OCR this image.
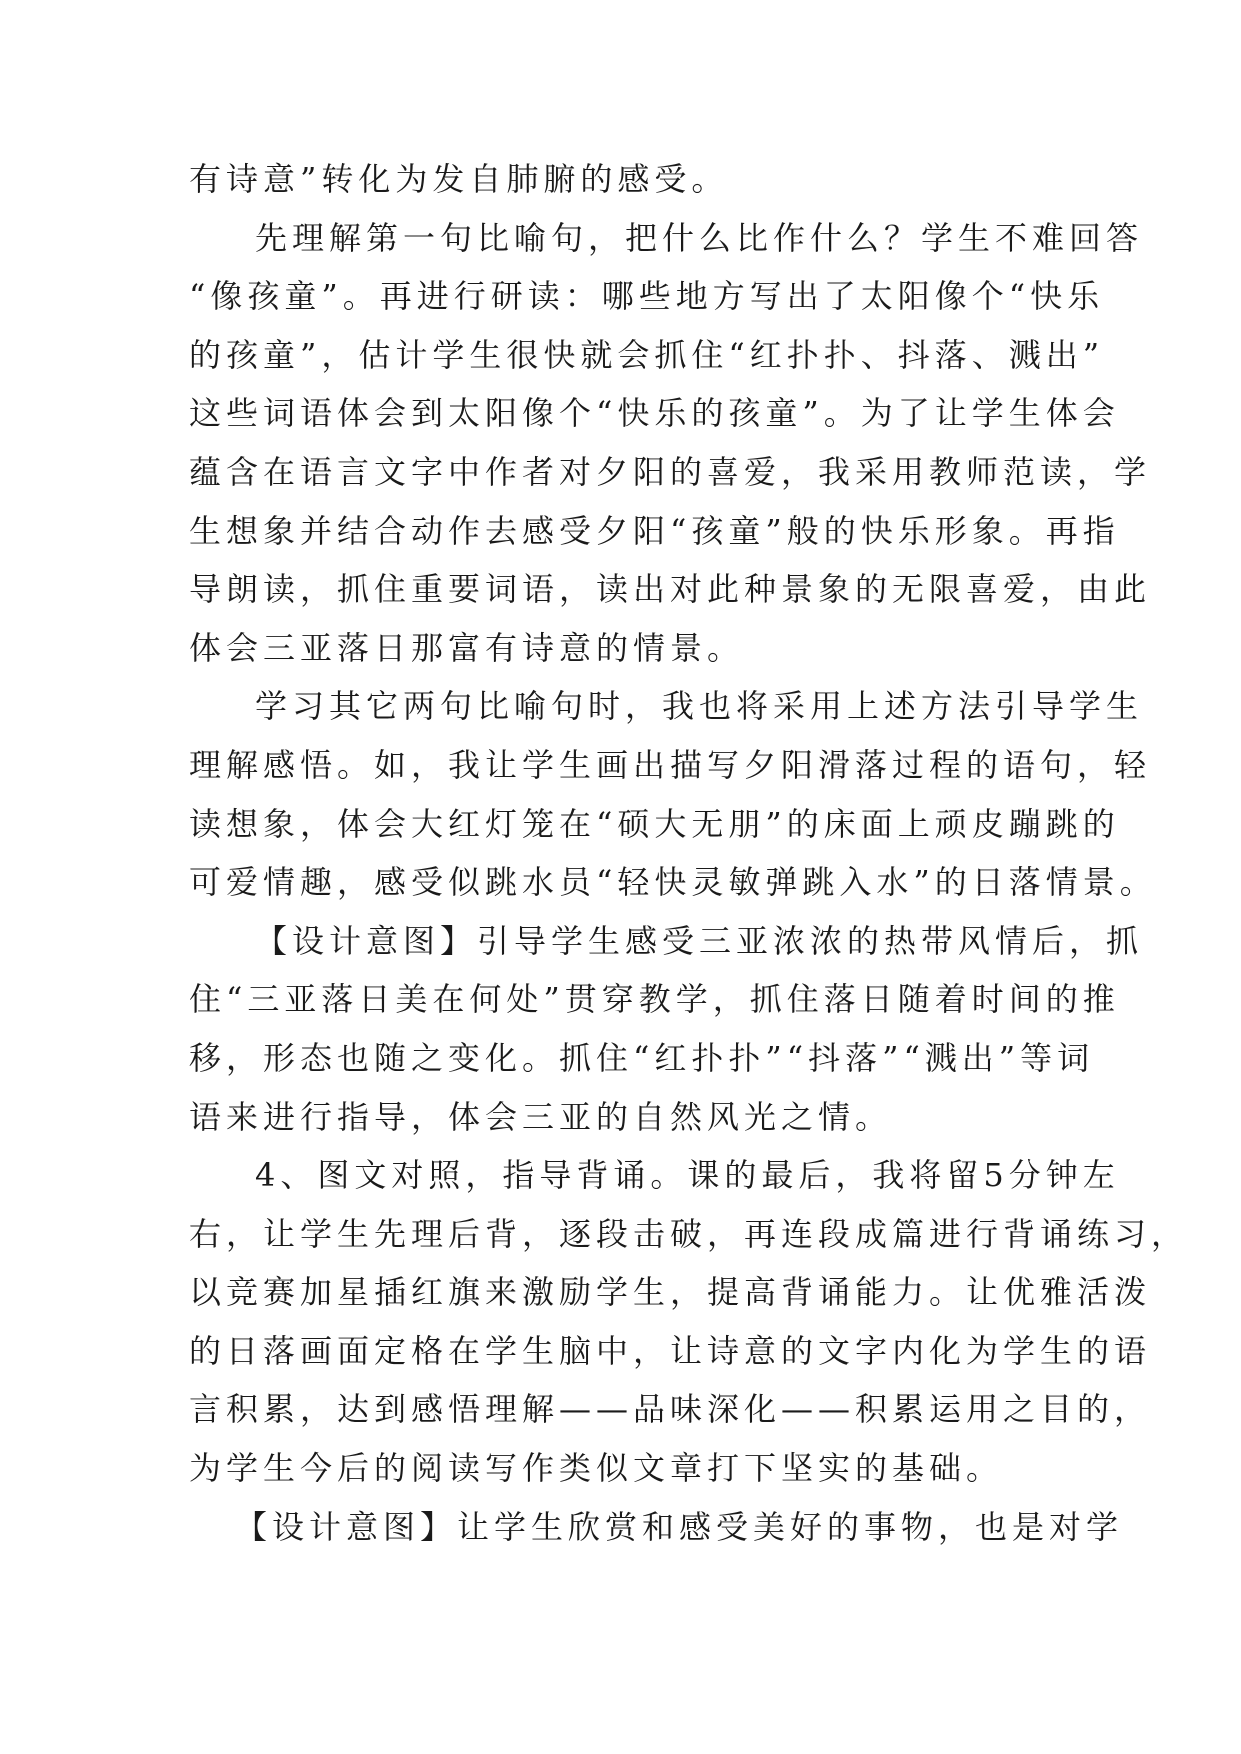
有诗意”转化为发自肺腑的感受。
先理解第一句比喻句，把什么比作什么？学生不难回答
“像孩童”。再进行研读：哪些地方写出了太阳像个“快乐
的孩童”，估计学生很快就会抓住“红扑扑、抖落、溅出”
这些词语体会到太阳像个“快乐的孩童”。为了让学生体会
蕴含在语言文字中作者对夕阳的喜爱，我采用教师范读，学
生想象并结合动作去感受夕阳“孩童”般的快乐形象。再指
导朗读，抓住重要词语，读出对此种景象的无限喜爱，由此
体会三亚落日那富有诗意的情景。
学习其它两句比喻句时，我也将采用上述方法引导学生
理解感悟。如，我让学生画出描写夕阳滑落过程的语句，轻
读想象，体会大红灯笼在“硕大无朋”的床面上顽皮蹦跳的
可爱情趣，感受似跳水员“轻快灵敏弹跳入水”的日落情景。
【设计意图】引导学生感受三亚浓浓的热带风情后，抓
住“三亚落日美在何处”贯穿教学，抓住落日随着时间的推
移，形态也随之变化。抓住“红扑扑”“抖落”“溅出”等词
语来进行指导，体会三亚的自然风光之情。
4、图文对照，指导背诵。课的最后，我将留5分钟左
右，让学生先理后背，逐段击破，再连段成篇进行背诵练习，
以竞赛加星插红旗来激励学生，提高背诵能力。让优雅活泼
的日落画面定格在学生脑中，让诗意的文字内化为学生的语
言积累，达到感悟理解——品味深化——积累运用之目的，
为学生今后的阅读写作类似文章打下坚实的基础。
【设计意图】让学生欣赏和感受美好的事物，也是对学
